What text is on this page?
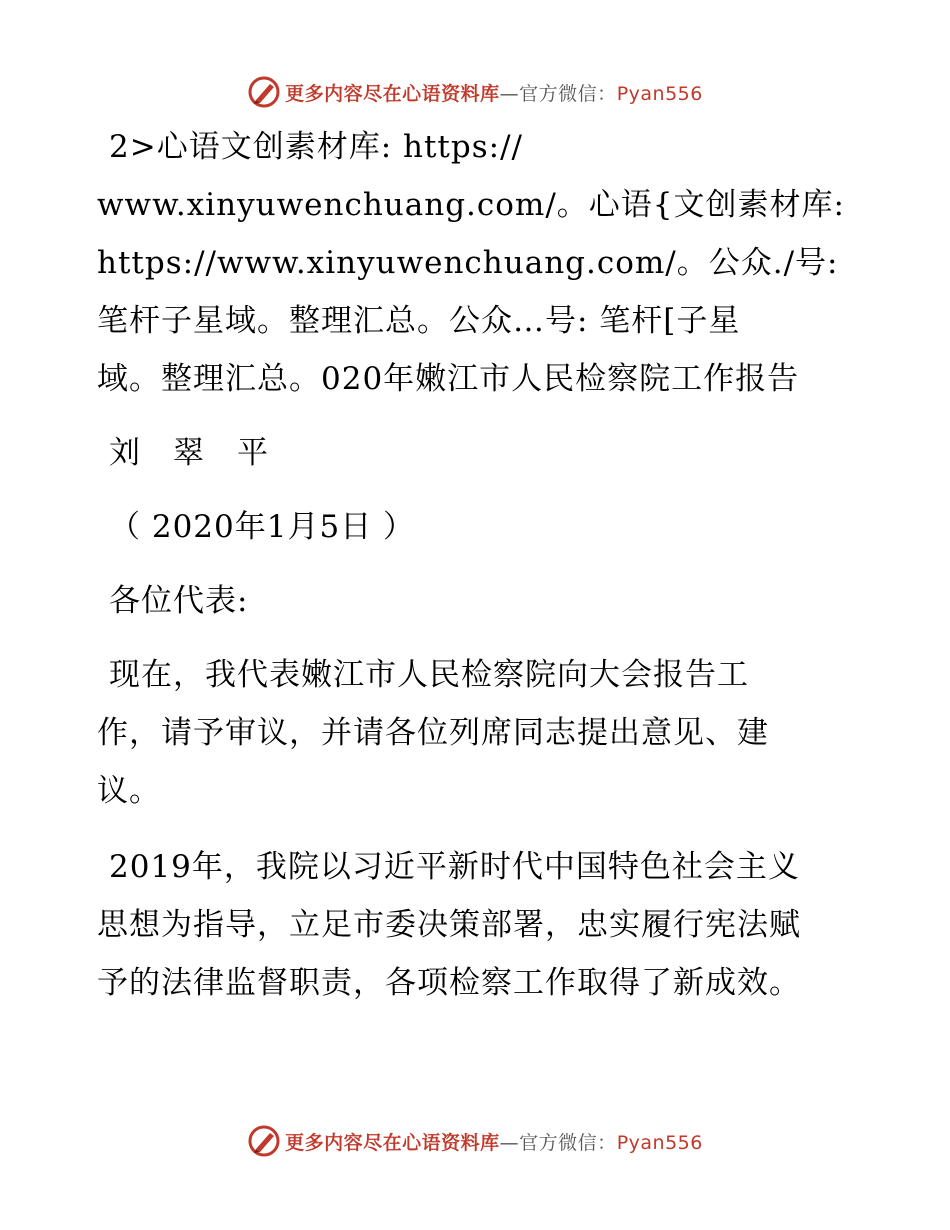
更多内容尽在心语资料库—官方微信：Pyan556
2>心语文创素材库: https://
www.xinyuwenchuang.com/。心语{文创素材库:
https://www.xinyuwenchuang.com/。公众./号:
笔杆子星域。整理汇总。公众…号: 笔杆[子星
域。整理汇总。020年嫩江市人民检察院工作报告
刘　翠　平
（ 2020年1月5日 ）
各位代表:
现在，我代表嫩江市人民检察院向大会报告工
作，请予审议，并请各位列席同志提出意见、建
议。
2019年，我院以习近平新时代中国特色社会主义
思想为指导，立足市委决策部署，忠实履行宪法赋
予的法律监督职责，各项检察工作取得了新成效。
更多内容尽在心语资料库—官方微信：Pyan556
